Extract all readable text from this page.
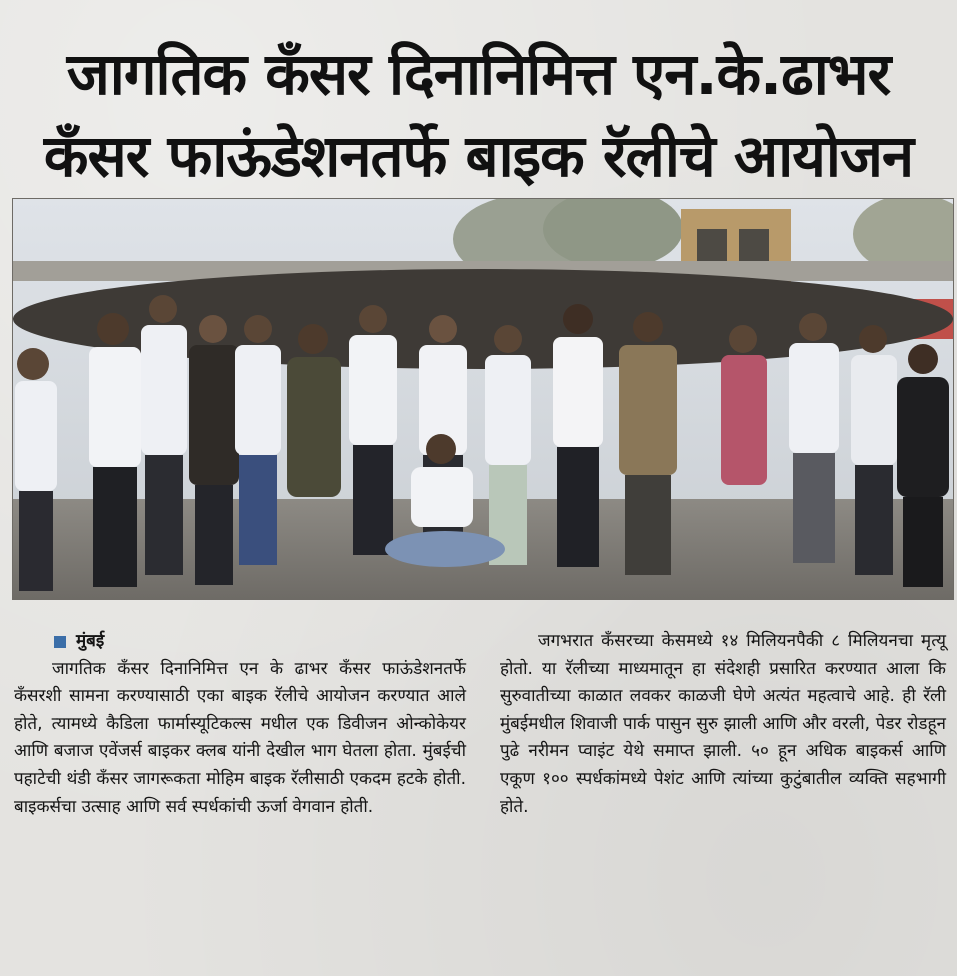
जागतिक कँसर दिनानिमित्त एन.के.ढाभर
कँसर फाऊंडेशनतर्फे बाइक रॅलीचे आयोजन
मुंबई

जागतिक कँसर दिनानिमित्त एन के ढाभर कँसर फाऊंडेशनतर्फे कँसरशी सामना करण्यासाठी एका बाइक रॅलीचे आयोजन करण्यात आले होते, त्यामध्ये कैडिला फार्मास्यूटिकल्स मधील एक डिवीजन ओन्कोकेयर आणि बजाज एवेंजर्स बाइकर क्लब यांनी देखील भाग घेतला होता. मुंबईची पहाटेची थंडी कँसर जागरूकता मोहिम बाइक रॅलीसाठी एकदम हटके होती. बाइकर्सचा उत्साह आणि सर्व स्पर्धकांची ऊर्जा वेगवान होती.

जगभरात कँसरच्या केसमध्ये १४ मिलियनपैकी ८ मिलियनचा मृत्यू होतो. या रॅलीच्या माध्यमातून हा संदेशही प्रसारित करण्यात आला कि सुरुवातीच्या काळात लवकर काळजी घेणे अत्यंत महत्वाचे आहे. ही रॅली मुंबईमधील शिवाजी पार्क पासुन सुरु झाली आणि और वरली, पेडर रोडहून पुढे नरीमन प्वाइंट येथे समाप्त झाली. ५० हून अधिक बाइकर्स आणि एकूण १०० स्पर्धकांमध्ये पेशंट आणि त्यांच्या कुटुंबातील व्यक्ति सहभागी होते.
